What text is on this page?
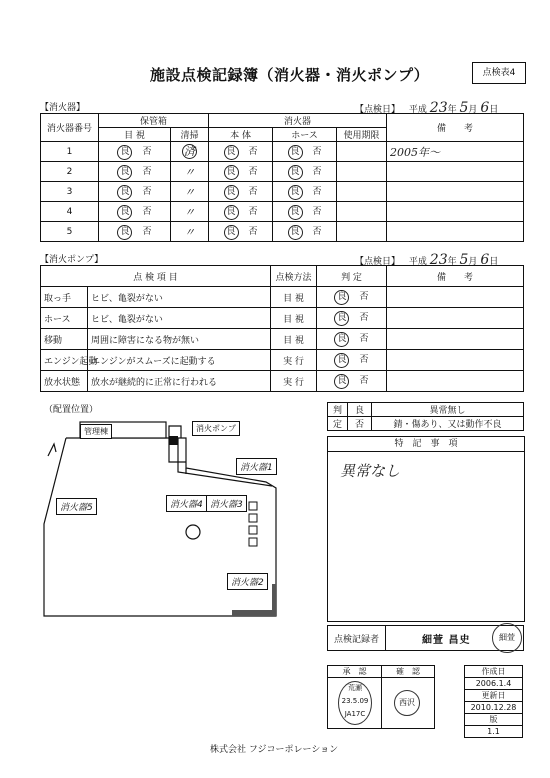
施設点検記録簿（消火器・消火ポンプ）	点検表4
【消火器】	【点検日】 平成 23年 5月 6日
消火器番号	保管箱		消火器			備　　考
	目 視	清掃	本 体	ホース	使用期限	
1	良 否	済	良 否	良 否		2005年〜
2	良 否	〃	良 否	良 否		
3	良 否	〃	良 否	良 否		
4	良 否	〃	良 否	良 否		
5	良 否	〃	良 否	良 否		
【消火ポンプ】	【点検日】 平成 23年 5月 6日
点 検 項 目		点検方法	判 定	備　　考
取っ手	ヒビ、亀裂がない	目 視	良 否	
ホース	ヒビ、亀裂がない	目 視	良 否	
移動	周囲に障害になる物が無い	目 視	良 否	
エンジン起動	エンジンがスムーズに起動する	実 行	良 否	
放水状態	放水が継続的に正常に行われる	実 行	良 否	
（配置位置）
管理棟	消火ポンプ
消火器1
消火器4 消火器3
消火器5
消火器2
判	良	異常無し
定	否	錆・傷あり、又は動作不良
特　記　事　項
異常なし
点検記録者	細萱 昌史	細萱
承　認	確　認

荒瀬
23.5.09
JA17C
西沢
作成日
2006.1.4
更新日
2010.12.28
版
1.1
株式会社 フジコーポレーション
